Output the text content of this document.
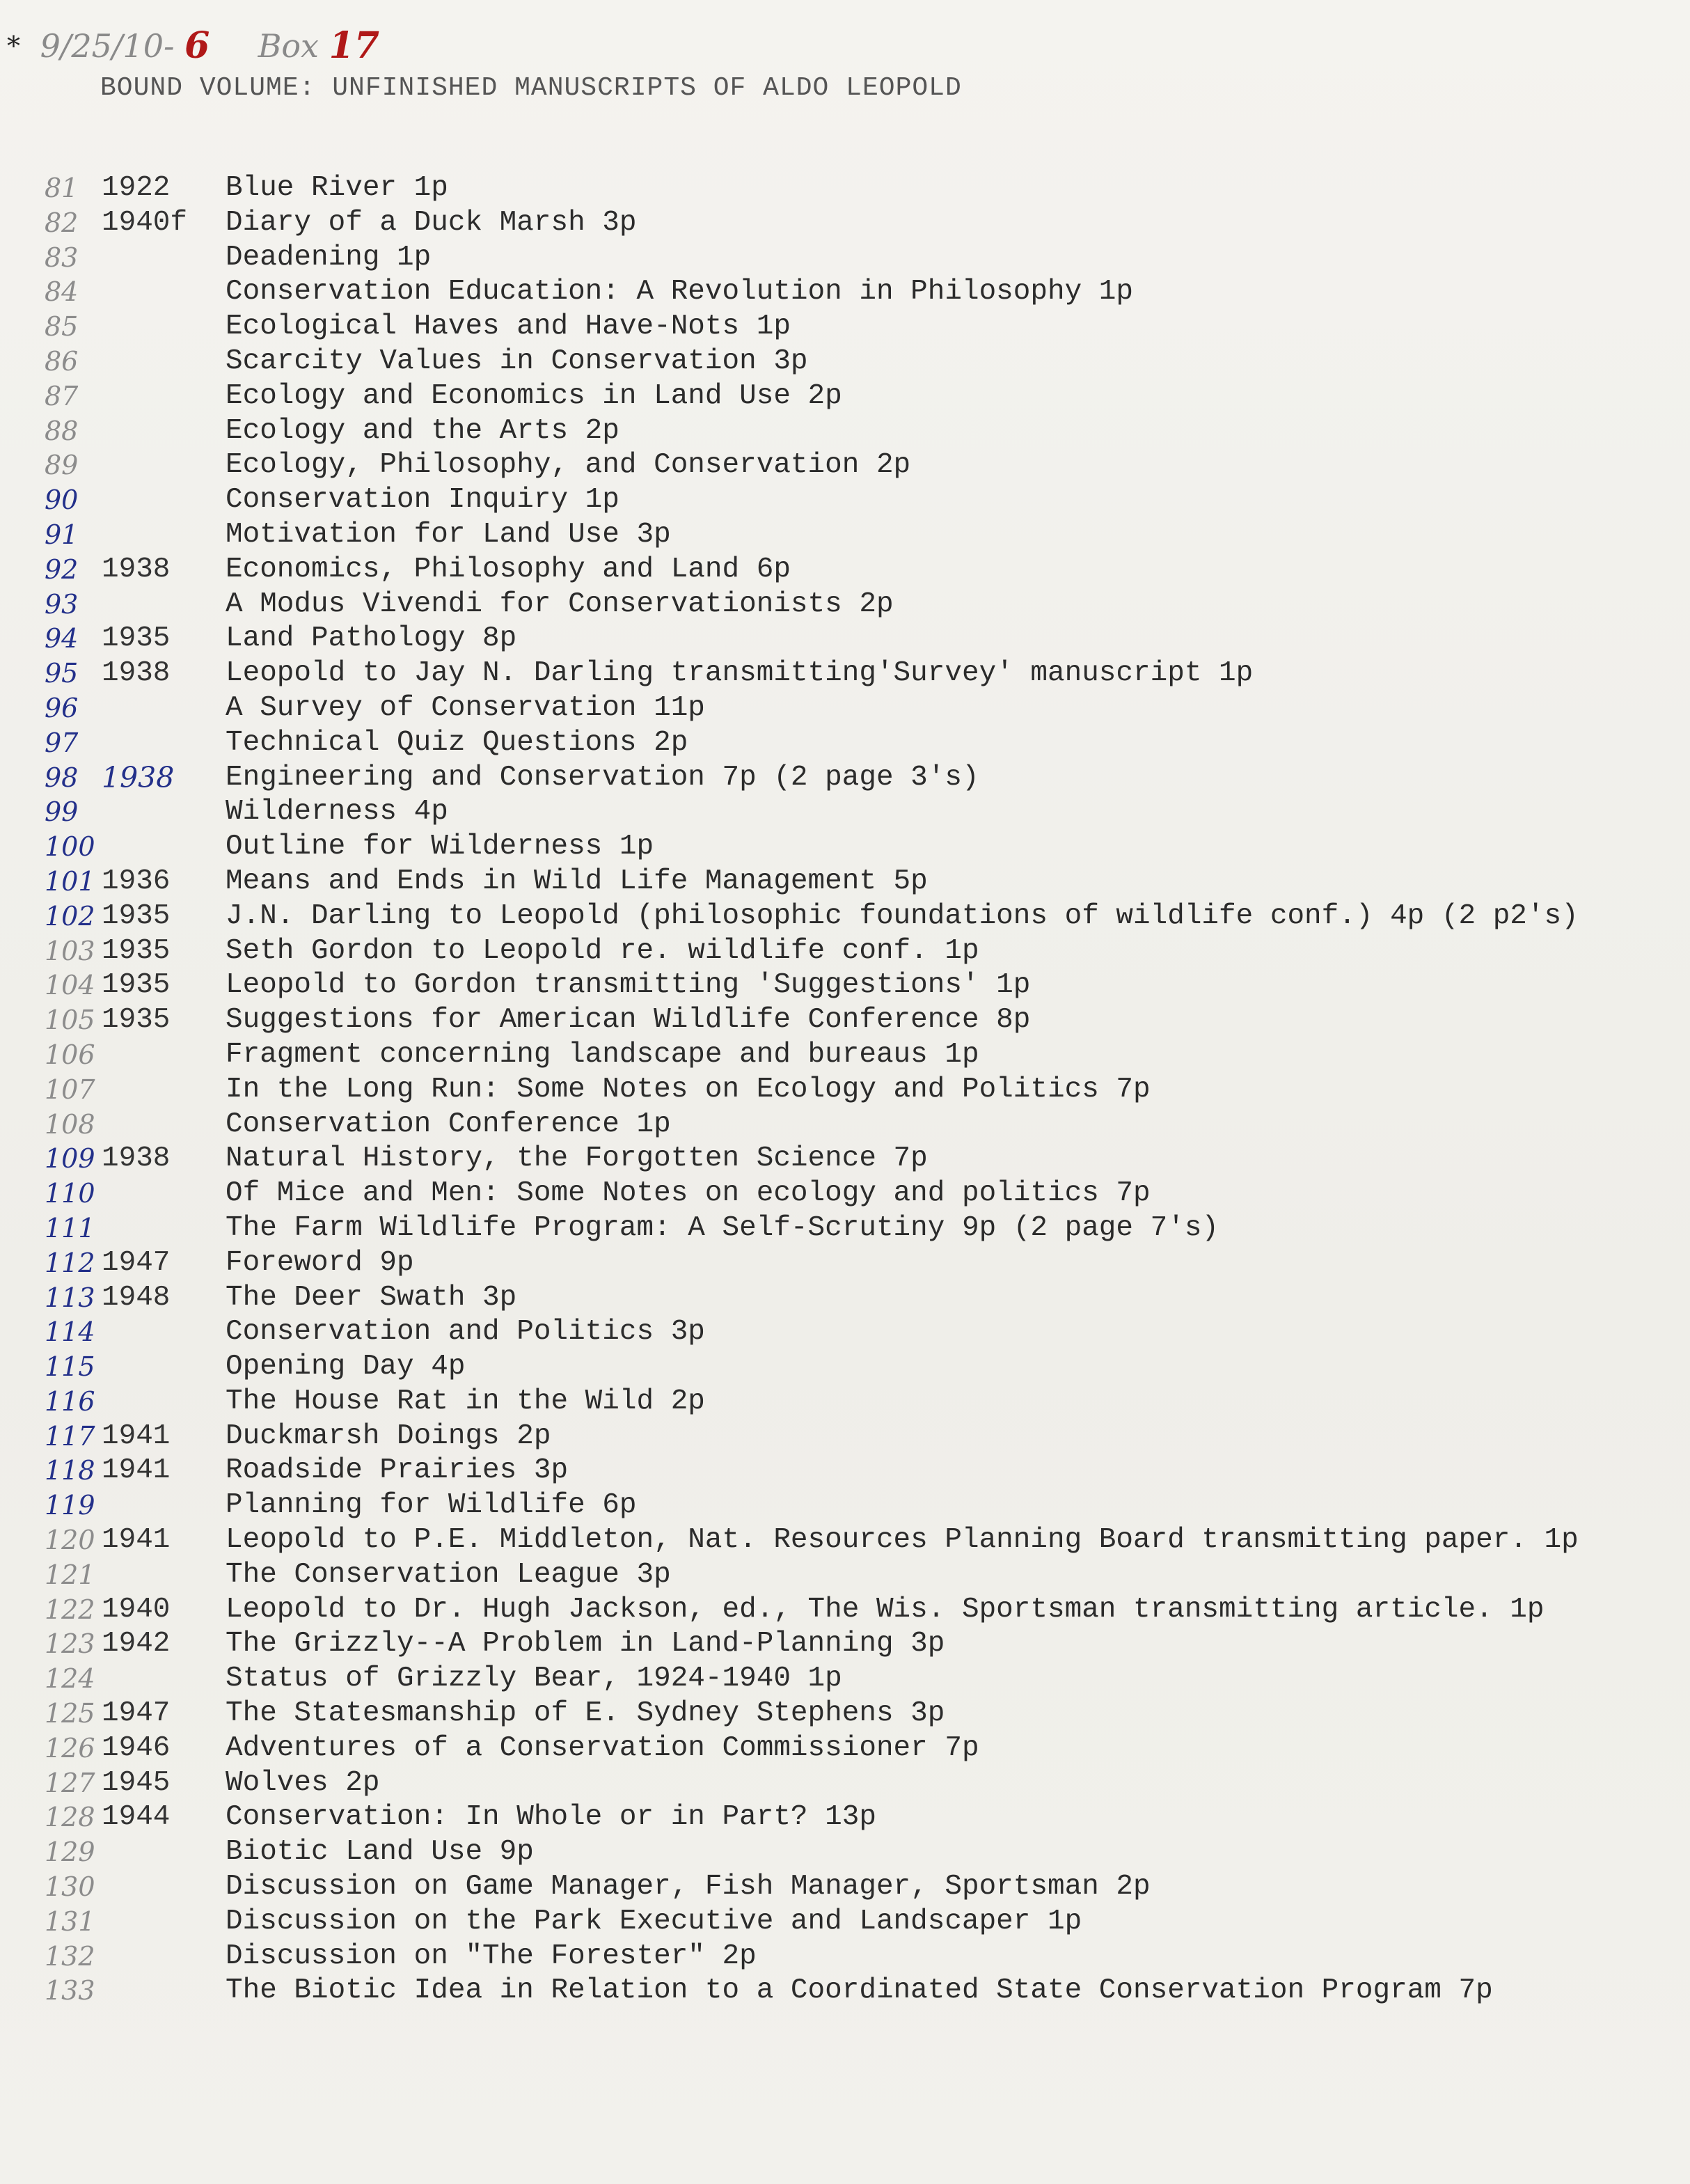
* 9/25/10- 6 Box 17
BOUND VOLUME: UNFINISHED MANUSCRIPTS OF ALDO LEOPOLD
81 1922 Blue River 1p
82 1940f Diary of a Duck Marsh 3p
83	Deadening 1p
84	Conservation Education: A Revolution in Philosophy 1p
85	Ecological Haves and Have-Nots 1p
86	Scarcity Values in Conservation 3p
87	Ecology and Economics in Land Use 2p
88	Ecology and the Arts 2p
89	Ecology, Philosophy, and Conservation 2p
90	Conservation Inquiry 1p
91	Motivation for Land Use 3p
92 1938 Economics, Philosophy and Land 6p
93	A Modus Vivendi for Conservationists 2p
94 1935 Land Pathology 8p
95 1938 Leopold to Jay N. Darling transmitting'Survey' manuscript 1p
96	A Survey of Conservation 11p
97	Technical Quiz Questions 2p
98 1938 Engineering and Conservation 7p (2 page 3's)
99	Wilderness 4p
100	Outline for Wilderness 1p
101 1936 Means and Ends in Wild Life Management 5p
102 1935 J.N. Darling to Leopold (philosophic foundations of wildlife conf.) 4p (2 p2's)
103 1935 Seth Gordon to Leopold re. wildlife conf. 1p
104 1935 Leopold to Gordon transmitting 'Suggestions' 1p
105 1935 Suggestions for American Wildlife Conference 8p
106	Fragment concerning landscape and bureaus 1p
107	In the Long Run: Some Notes on Ecology and Politics 7p
108	Conservation Conference 1p
109 1938 Natural History, the Forgotten Science 7p
110	Of Mice and Men: Some Notes on ecology and politics 7p
111	The Farm Wildlife Program: A Self-Scrutiny 9p (2 page 7's)
112 1947 Foreword 9p
113 1948 The Deer Swath 3p
114	Conservation and Politics 3p
115	Opening Day 4p
116	The House Rat in the Wild 2p
117 1941 Duckmarsh Doings 2p
118 1941 Roadside Prairies 3p
119	Planning for Wildlife 6p
120 1941 Leopold to P.E. Middleton, Nat. Resources Planning Board transmitting paper. 1p
121	The Conservation League 3p
122 1940 Leopold to Dr. Hugh Jackson, ed., The Wis. Sportsman transmitting article. 1p
123 1942 The Grizzly--A Problem in Land-Planning 3p
124	Status of Grizzly Bear, 1924-1940 1p
125 1947 The Statesmanship of E. Sydney Stephens 3p
126 1946 Adventures of a Conservation Commissioner 7p
127 1945 Wolves 2p
128 1944 Conservation: In Whole or in Part? 13p
129	Biotic Land Use 9p
130	Discussion on Game Manager, Fish Manager, Sportsman 2p
131	Discussion on the Park Executive and Landscaper 1p
132	Discussion on "The Forester" 2p
133	The Biotic Idea in Relation to a Coordinated State Conservation Program 7p
